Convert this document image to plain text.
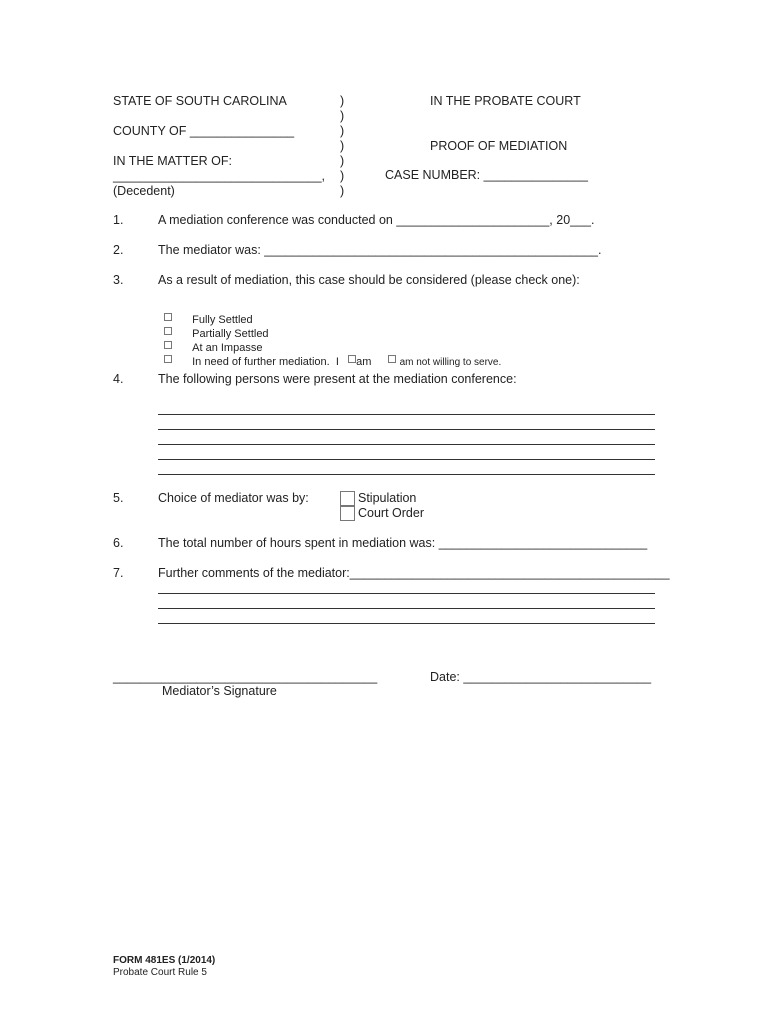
STATE OF SOUTH CAROLINA
COUNTY OF _______________
IN THE MATTER OF:
______________________________,
(Decedent)
)
)
)
)
)
)
)
IN THE PROBATE COURT
PROOF OF MEDIATION
CASE NUMBER: _______________
1.	A mediation conference was conducted on ______________________, 20___.
2.	The mediator was: ________________________________________________.
3.	As a result of mediation, this case should be considered (please check one):

Fully Settled

Partially Settled

At an Impasse

In need of further mediation.  I	am	am not willing to serve.

4.	The following persons were present at the mediation conference:
5.	Choice of mediator was by:	Stipulation
Court Order
6.	The total number of hours spent in mediation was: ______________________________
7.	Further comments of the mediator:______________________________________________
______________________________________
Mediator’s Signature
Date: ___________________________
FORM 481ES (1/2014)
Probate Court Rule 5
